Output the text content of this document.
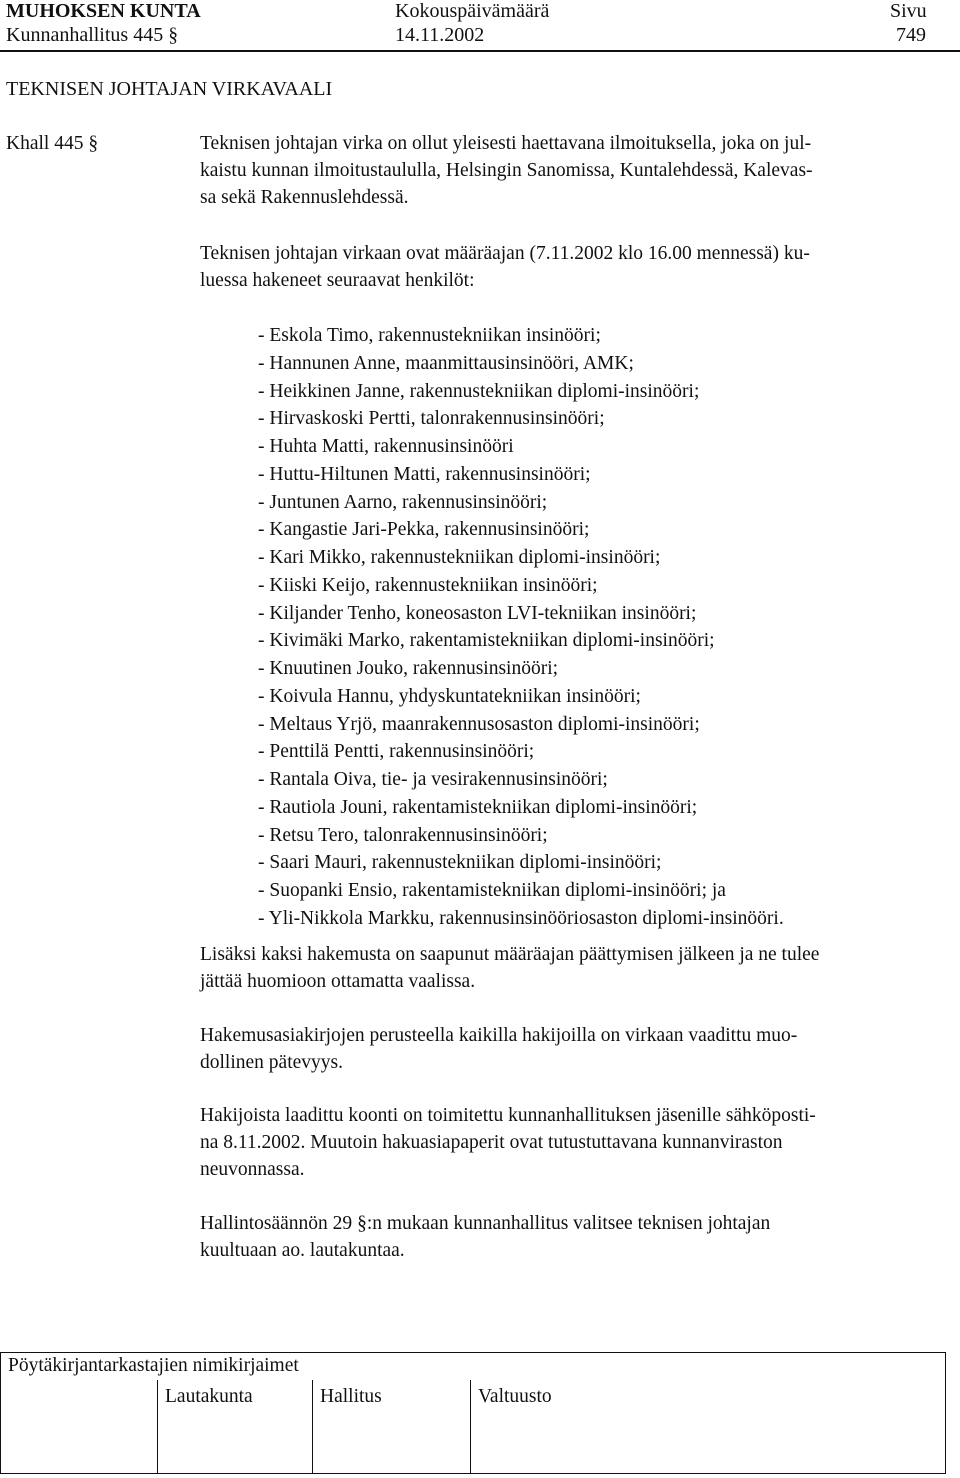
MUHOKSEN KUNTA	Kokouspäivämäärä	Sivu
Kunnanhallitus 445 §	14.11.2002	749
TEKNISEN JOHTAJAN VIRKAVAALI
Khall 445 §	Teknisen johtajan virka on ollut yleisesti haettavana ilmoituksella, joka on jul-
kaistu kunnan ilmoitustaululla, Helsingin Sanomissa, Kuntalehdessä, Kalevas-
sa sekä Rakennuslehdessä.
Teknisen johtajan virkaan ovat määräajan (7.11.2002 klo 16.00 mennessä) ku-
luessa hakeneet seuraavat henkilöt:
- Eskola Timo, rakennustekniikan insinööri;
- Hannunen Anne, maanmittausinsinööri, AMK;
- Heikkinen Janne, rakennustekniikan diplomi-insinööri;
- Hirvaskoski Pertti, talonrakennusinsinööri;
- Huhta Matti, rakennusinsinööri
- Huttu-Hiltunen Matti, rakennusinsinööri;
- Juntunen Aarno, rakennusinsinööri;
- Kangastie Jari-Pekka, rakennusinsinööri;
- Kari Mikko, rakennustekniikan diplomi-insinööri;
- Kiiski Keijo, rakennustekniikan insinööri;
- Kiljander Tenho, koneosaston LVI-tekniikan insinööri;
- Kivimäki Marko, rakentamistekniikan diplomi-insinööri;
- Knuutinen Jouko, rakennusinsinööri;
- Koivula Hannu, yhdyskuntatekniikan insinööri;
- Meltaus Yrjö, maanrakennusosaston diplomi-insinööri;
- Penttilä Pentti, rakennusinsinööri;
- Rantala Oiva, tie- ja vesirakennusinsinööri;
- Rautiola Jouni, rakentamistekniikan diplomi-insinööri;
- Retsu Tero, talonrakennusinsinööri;
- Saari Mauri, rakennustekniikan diplomi-insinööri;
- Suopanki Ensio, rakentamistekniikan diplomi-insinööri; ja
- Yli-Nikkola Markku, rakennusinsinööriosaston diplomi-insinööri.
Lisäksi kaksi hakemusta on saapunut määräajan päättymisen jälkeen ja ne tulee
jättää huomioon ottamatta vaalissa.
Hakemusasiakirjojen perusteella kaikilla hakijoilla on virkaan vaadittu muo-
dollinen pätevyys.
Hakijoista laadittu koonti on toimitettu kunnanhallituksen jäsenille sähköposti-
na 8.11.2002. Muutoin hakuasiapaperit ovat tutustuttavana kunnanviraston
neuvonnassa.
Hallintosäännön 29 §:n mukaan kunnanhallitus valitsee teknisen johtajan
kuultuaan ao. lautakuntaa.
Pöytäkirjantarkastajien nimikirjaimet
Lautakunta	Hallitus	Valtuusto
